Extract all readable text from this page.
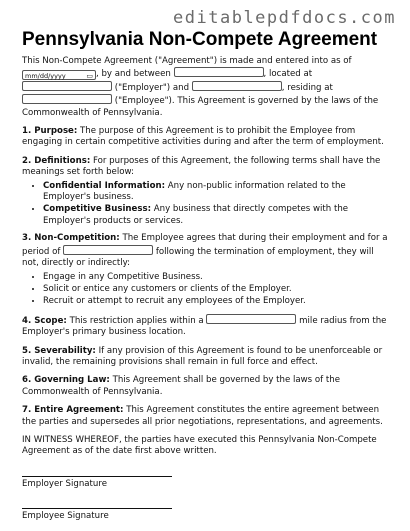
editablepdfdocs.com
Pennsylvania Non-Compete Agreement

This Non-Compete Agreement ("Agreement") is made and entered into as of mm/dd/yyyy	▭ , by and between	, located at  ("Employer") and	, residing at  ("Employee"). This Agreement is governed by the laws of the Commonwealth of Pennsylvania.

1. Purpose: The purpose of this Agreement is to prohibit the Employee from engaging in certain competitive activities during and after the term of employment.

2. Definitions: For purposes of this Agreement, the following terms shall have the meanings set forth below:

• Confidential Information: Any non-public information related to the Employer's business.
• Competitive Business: Any business that directly competes with the Employer's products or services.

3. Non-Competition: The Employee agrees that during their employment and for a period of	following the termination of employment, they will not, directly or indirectly:

• Engage in any Competitive Business.
• Solicit or entice any customers or clients of the Employer.
• Recruit or attempt to recruit any employees of the Employer.

4. Scope: This restriction applies within a	mile radius from the Employer's primary business location.

5. Severability: If any provision of this Agreement is found to be unenforceable or invalid, the remaining provisions shall remain in full force and effect.

6. Governing Law: This Agreement shall be governed by the laws of the Commonwealth of Pennsylvania.

7. Entire Agreement: This Agreement constitutes the entire agreement between the parties and supersedes all prior negotiations, representations, and agreements.

IN WITNESS WHEREOF, the parties have executed this Pennsylvania Non-Compete Agreement as of the date first above written.

Employer Signature

Employee Signature
